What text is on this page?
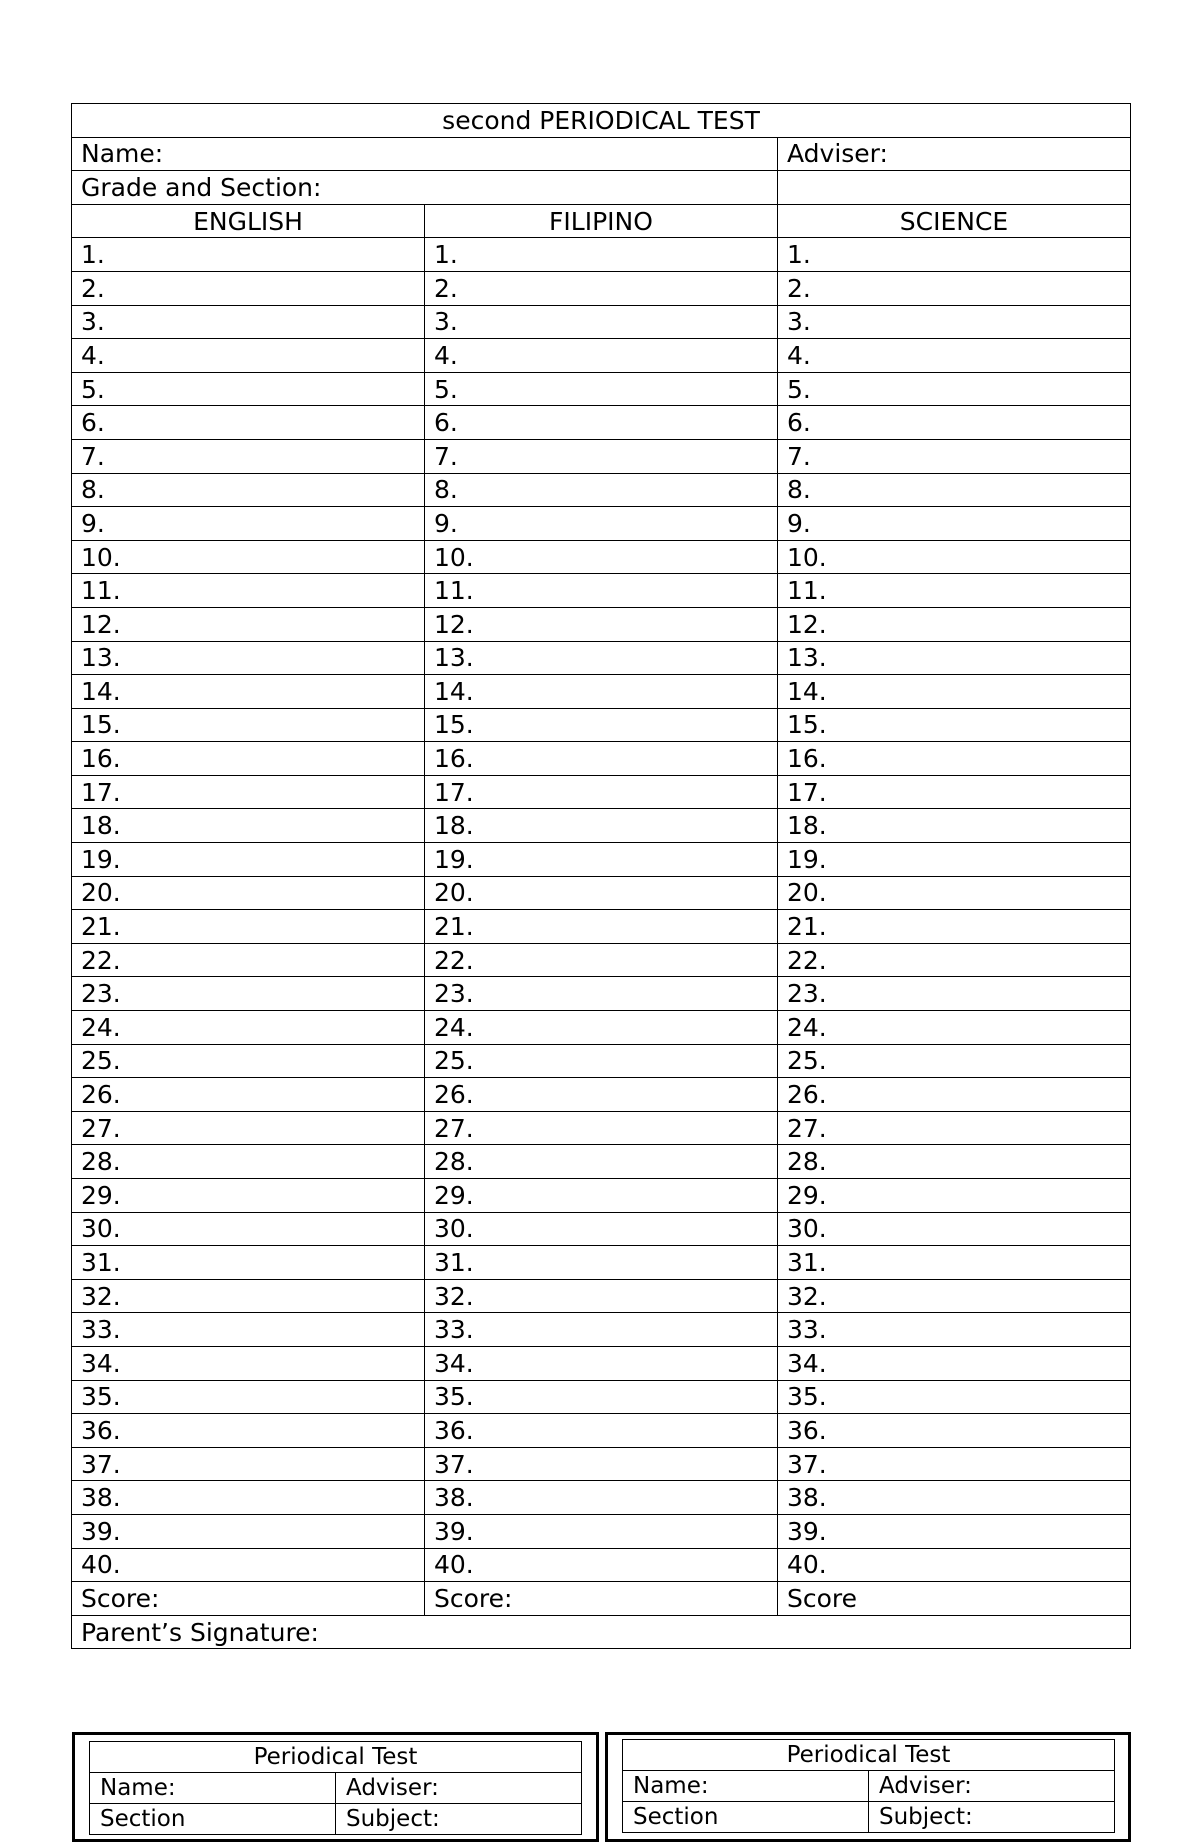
second PERIODICAL TEST		
Name:		Adviser:
Grade and Section:		
ENGLISH	FILIPINO	SCIENCE
1.	1.	1.
2.	2.	2.
3.	3.	3.
4.	4.	4.
5.	5.	5.
6.	6.	6.
7.	7.	7.
8.	8.	8.
9.	9.	9.
10.	10.	10.
11.	11.	11.
12.	12.	12.
13.	13.	13.
14.	14.	14.
15.	15.	15.
16.	16.	16.
17.	17.	17.
18.	18.	18.
19.	19.	19.
20.	20.	20.
21.	21.	21.
22.	22.	22.
23.	23.	23.
24.	24.	24.
25.	25.	25.
26.	26.	26.
27.	27.	27.
28.	28.	28.
29.	29.	29.
30.	30.	30.
31.	31.	31.
32.	32.	32.
33.	33.	33.
34.	34.	34.
35.	35.	35.
36.	36.	36.
37.	37.	37.
38.	38.	38.
39.	39.	39.
40.	40.	40.
Score:	Score:	Score
Parent’s Signature:		
Periodical Test	
Name:	Adviser:
Section	Subject:
Periodical Test	
Name:	Adviser:
Section	Subject:
